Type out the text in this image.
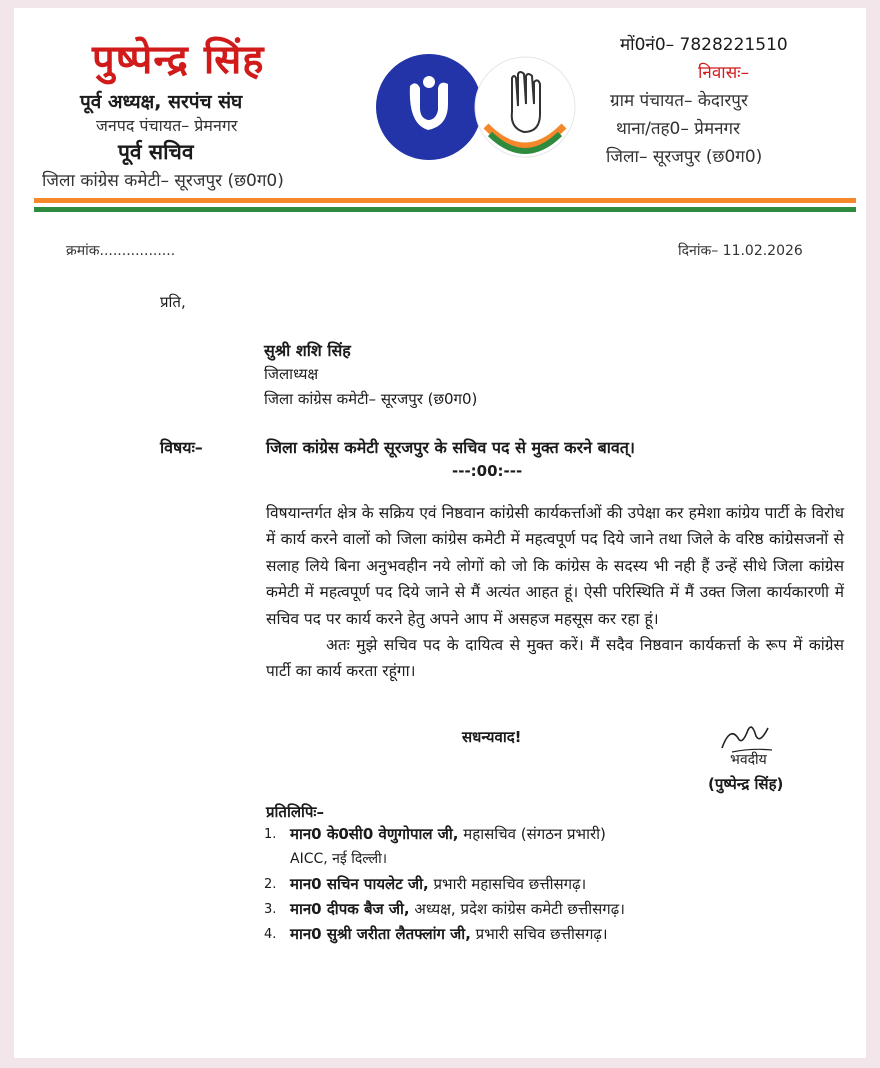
पुष्पेन्द्र सिंह
पूर्व अध्यक्ष, सरपंच संघ
जनपद पंचायत– प्रेमनगर
पूर्व सचिव
जिला कांग्रेस कमेटी– सूरजपुर (छ0ग0)
मों0नं0– 7828221510
निवासः–
ग्राम पंचायत– केदारपुर
थाना/तह0– प्रेमनगर
जिला– सूरजपुर (छ0ग0)
क्रमांक.................	दिनांक– 11.02.2026
प्रति,
सुश्री शशि सिंह
जिलाध्यक्ष
जिला कांग्रेस कमेटी– सूरजपुर (छ0ग0)
विषयः–	जिला कांग्रेस कमेटी सूरजपुर के सचिव पद से मुक्त करने बावत्।
---:00:---
विषयान्तर्गत क्षेत्र के सक्रिय एवं निष्ठवान कांग्रेसी कार्यकर्त्ताओं की उपेक्षा कर हमेशा कांग्रेय पार्टी के विरोध में कार्य करने वालों को जिला कांग्रेस कमेटी में महत्वपूर्ण पद दिये जाने तथा जिले के वरिष्ठ कांग्रेसजनों से सलाह लिये बिना अनुभवहीन नये लोगों को जो कि कांग्रेस के सदस्य भी नही हैं उन्हें सीधे जिला कांग्रेस कमेटी में महत्वपूर्ण पद दिये जाने से मैं अत्यंत आहत हूं। ऐसी परिस्थिति में मैं उक्त जिला कार्यकारणी में सचिव पद पर कार्य करने हेतु अपने आप में असहज महसूस कर रहा हूं।
अतः मुझे सचिव पद के दायित्व से मुक्त करें। मैं सदैव निष्ठवान कार्यकर्त्ता के रूप में कांग्रेस पार्टी का कार्य करता रहूंगा।
सधन्यवाद!
भवदीय
(पुष्पेन्द्र सिंह)
प्रतिलिपिः–
1. मान0 के0सी0 वेणुगोपाल जी, महासचिव (संगठन प्रभारी)
AICC, नई दिल्ली।
2. मान0 सचिन पायलेट जी, प्रभारी महासचिव छत्तीसगढ़।
3. मान0 दीपक बैज जी, अध्यक्ष, प्रदेश कांग्रेस कमेटी छत्तीसगढ़।
4. मान0 सुश्री जरीता लैतफ्लांग जी, प्रभारी सचिव छत्तीसगढ़।
